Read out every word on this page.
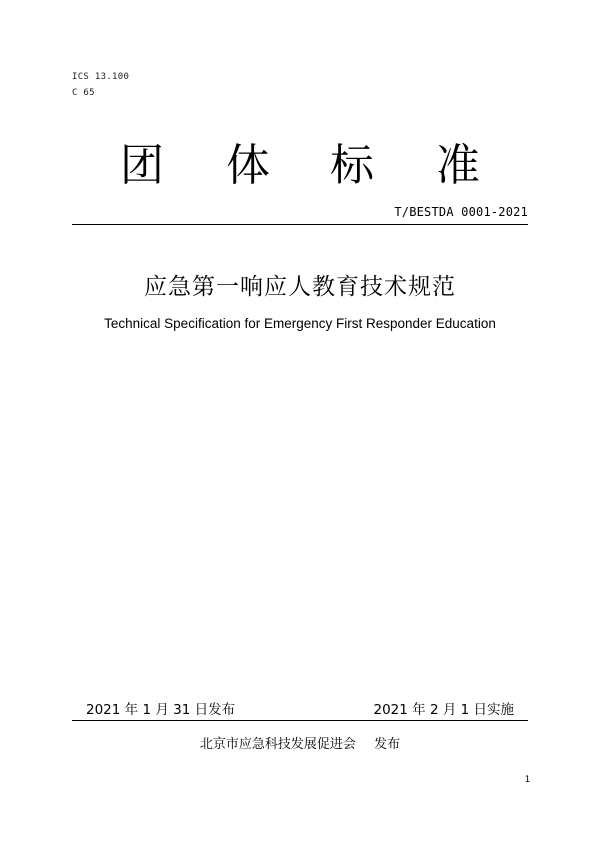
ICS 13.100
C 65
团 体 标 准
T/BESTDA 0001-2021
应急第一响应人教育技术规范
Technical Specification for Emergency First Responder Education
2021 年 1 月 31 日发布	2021 年 2 月 1 日实施
北京市应急科技发展促进会 发布
1
